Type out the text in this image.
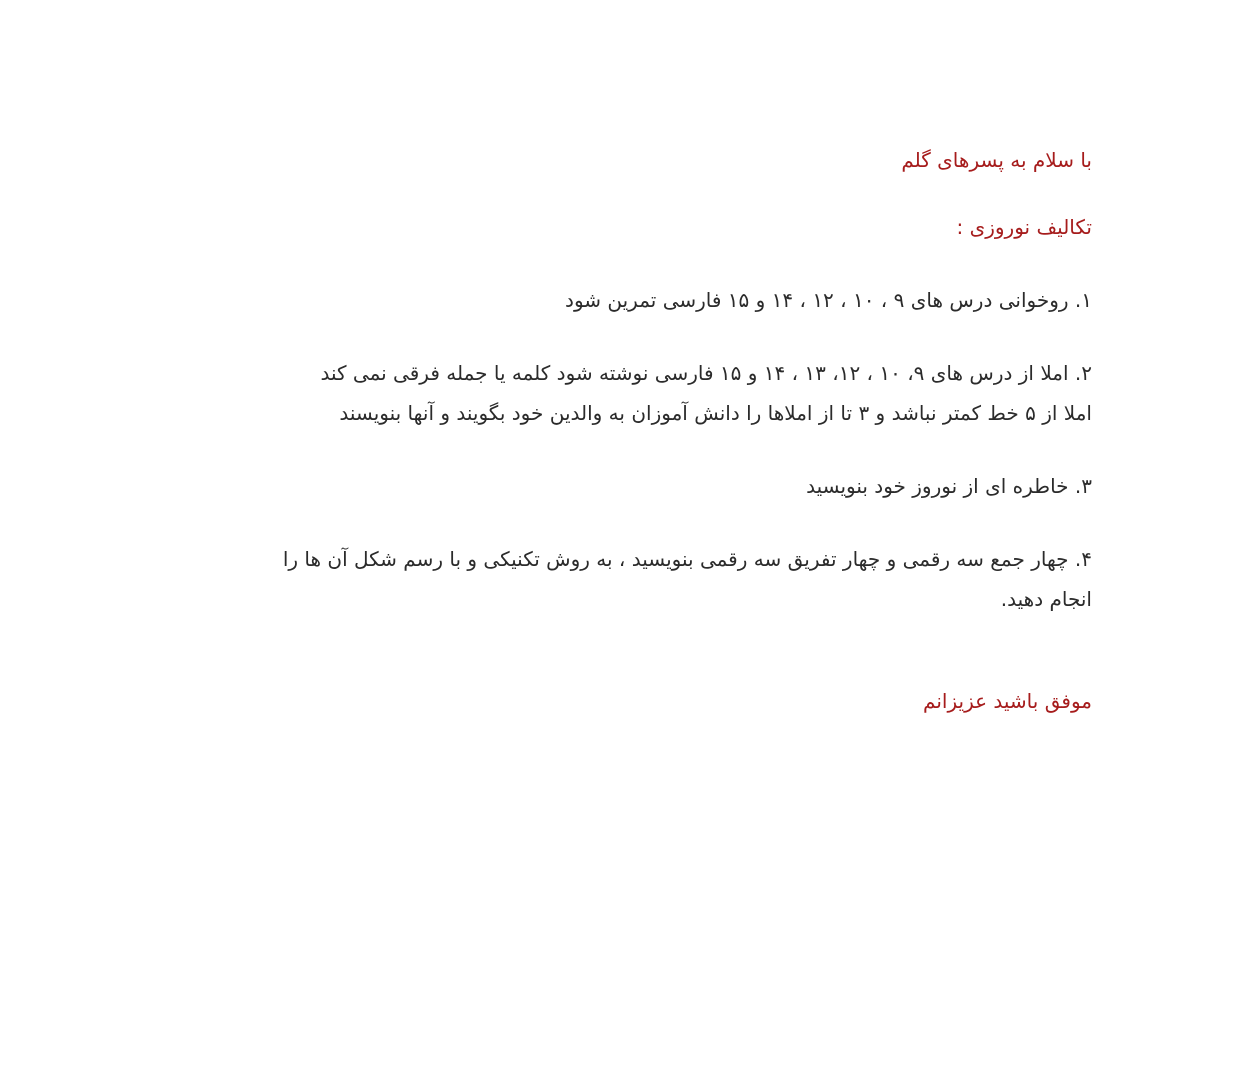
با سلام به پسرهای گلم

تکالیف نوروزی :

۱. روخوانی درس های ۹ ، ۱۰ ، ۱۲ ، ۱۴ و ۱۵ فارسی تمرین شود

۲. املا از درس های ۹، ۱۰ ، ۱۲، ۱۳ ، ۱۴ و ۱۵ فارسی نوشته شود کلمه یا جمله فرقی نمی کند

املا از ۵ خط کمتر نباشد و ۳ تا از املاها را دانش آموزان به والدین خود بگویند و آنها بنویسند

۳. خاطره ای از نوروز خود بنویسید

۴. چهار جمع سه رقمی و چهار تفریق سه رقمی بنویسید ، به روش تکنیکی و با رسم شکل آن ها را

انجام دهید.

موفق باشید عزیزانم
